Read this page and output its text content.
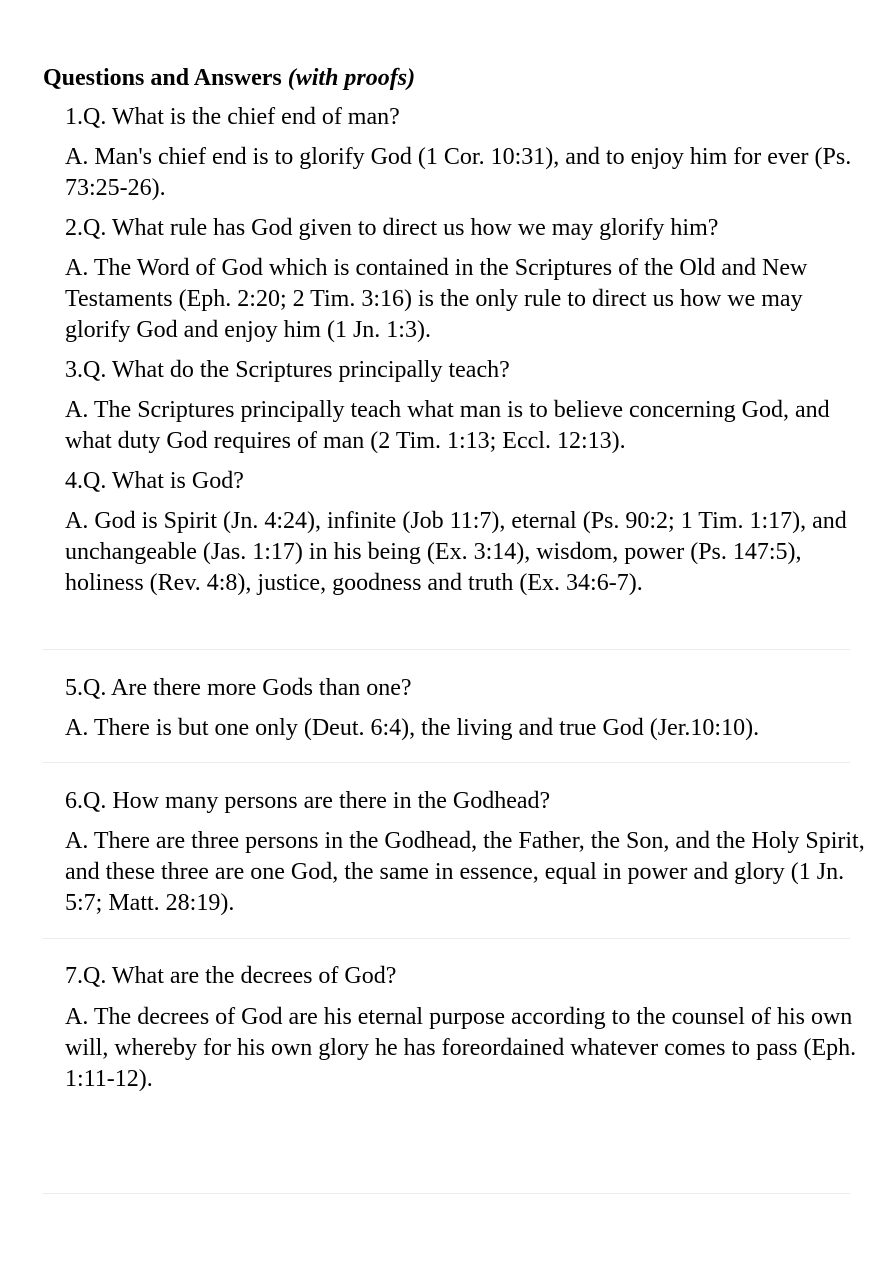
Questions and Answers (with proofs)
1.Q. What is the chief end of man?
A. Man's chief end is to glorify God (1 Cor. 10:31), and to enjoy him for ever (Ps. 73:25-26).
2.Q. What rule has God given to direct us how we may glorify him?
A. The Word of God which is contained in the Scriptures of the Old and New Testaments (Eph. 2:20; 2 Tim. 3:16) is the only rule to direct us how we may glorify God and enjoy him (1 Jn. 1:3).
3.Q. What do the Scriptures principally teach?
A. The Scriptures principally teach what man is to believe concerning God, and what duty God requires of man (2 Tim. 1:13; Eccl. 12:13).
4.Q. What is God?
A. God is Spirit (Jn. 4:24), infinite (Job 11:7), eternal (Ps. 90:2; 1 Tim. 1:17), and unchangeable (Jas. 1:17) in his being (Ex. 3:14), wisdom, power (Ps. 147:5), holiness (Rev. 4:8), justice, goodness and truth (Ex. 34:6-7).
5.Q. Are there more Gods than one?
A. There is but one only (Deut. 6:4), the living and true God (Jer.10:10).
6.Q. How many persons are there in the Godhead?
A. There are three persons in the Godhead, the Father, the Son, and the Holy Spirit, and these three are one God, the same in essence, equal in power and glory (1 Jn. 5:7; Matt. 28:19).
7.Q. What are the decrees of God?
A. The decrees of God are his eternal purpose according to the counsel of his own will, whereby for his own glory he has foreordained whatever comes to pass (Eph. 1:11-12).
